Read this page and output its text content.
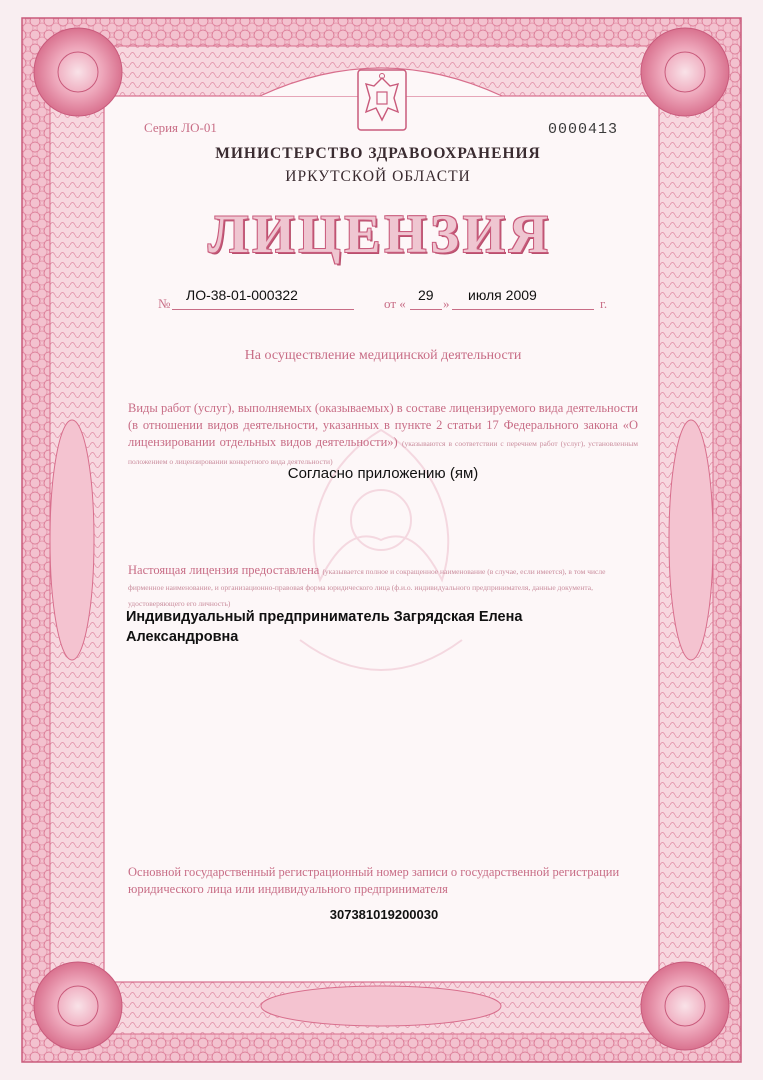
Серия ЛО-01	0000413

МИНИСТЕРСТВО ЗДРАВООХРАНЕНИЯ

ИРКУТСКОЙ ОБЛАСТИ

ЛИЦЕНЗИЯ

№
ЛО-38-01-000322
от «
29
»
июля 2009
г.

На осуществление медицинской деятельности

Виды работ (услуг), выполняемых (оказываемых) в составе лицензируемого вида деятельности (в отношении видов деятельности, указанных в пункте 2 статьи 17 Федерального закона «О лицензировании отдельных видов деятельности») (указываются в соответствии с перечнем работ (услуг), установленным положением о лицензировании конкретного вида деятельности)

Согласно приложению (ям)

Настоящая лицензия предоставлена (указывается полное и сокращенное наименование (в случае, если имеется), в том числе фирменное наименование, и организационно-правовая форма юридического лица (ф.и.о. индивидуального предпринимателя, данные документа, удостоверяющего его личность)

Индивидуальный предприниматель Загрядская Елена
Александровна

Основной государственный регистрационный номер записи о государственной регистрации юридического лица или индивидуального предпринимателя

307381019200030
